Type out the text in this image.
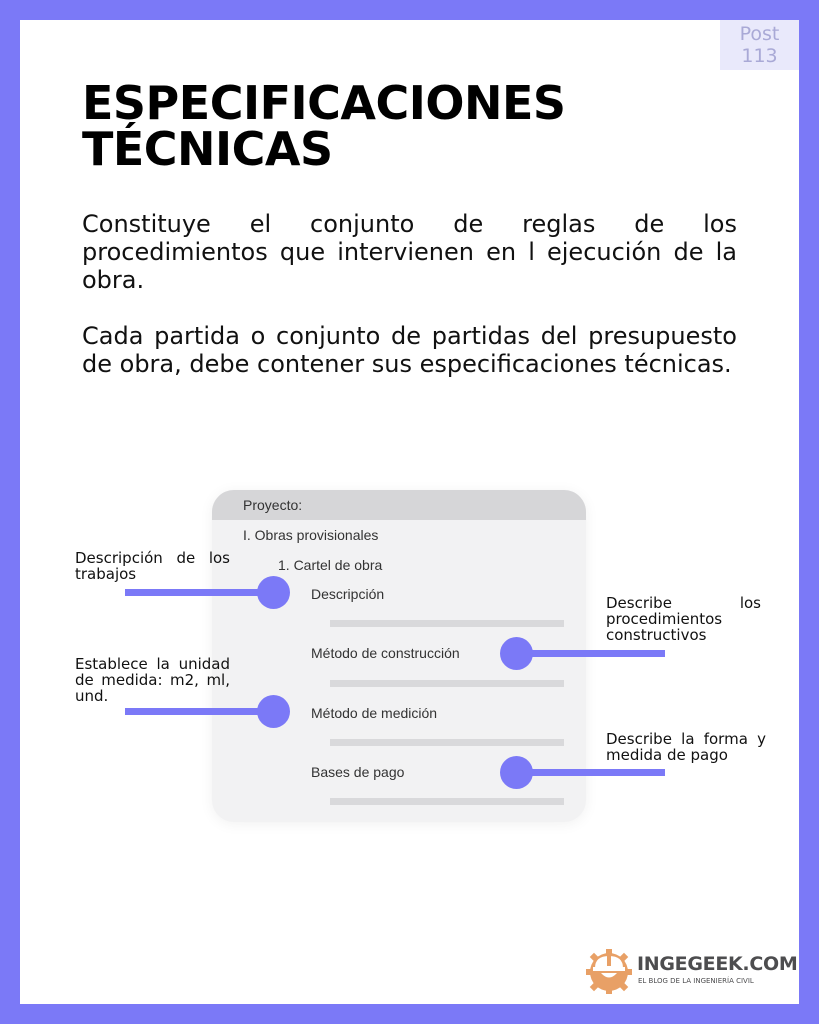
Post
113
ESPECIFICACIONES TÉCNICAS

Constituye el conjunto de reglas de los procedimientos que intervienen en l ejecución de la obra.

Cada partida o conjunto de partidas del presupuesto de obra, debe contener sus especificaciones técnicas.

Proyecto:
I. Obras provisionales
1. Cartel de obra
Descripción
Método de construcción
Método de medición
Bases de pago
Descripción de los trabajos
Establece la unidad de medida: m2, ml, und.
Describe los procedimientos constructivos
Describe la forma y medida de pago
INGEGEEK.COM
EL BLOG DE LA INGENIERÍA CIVIL
